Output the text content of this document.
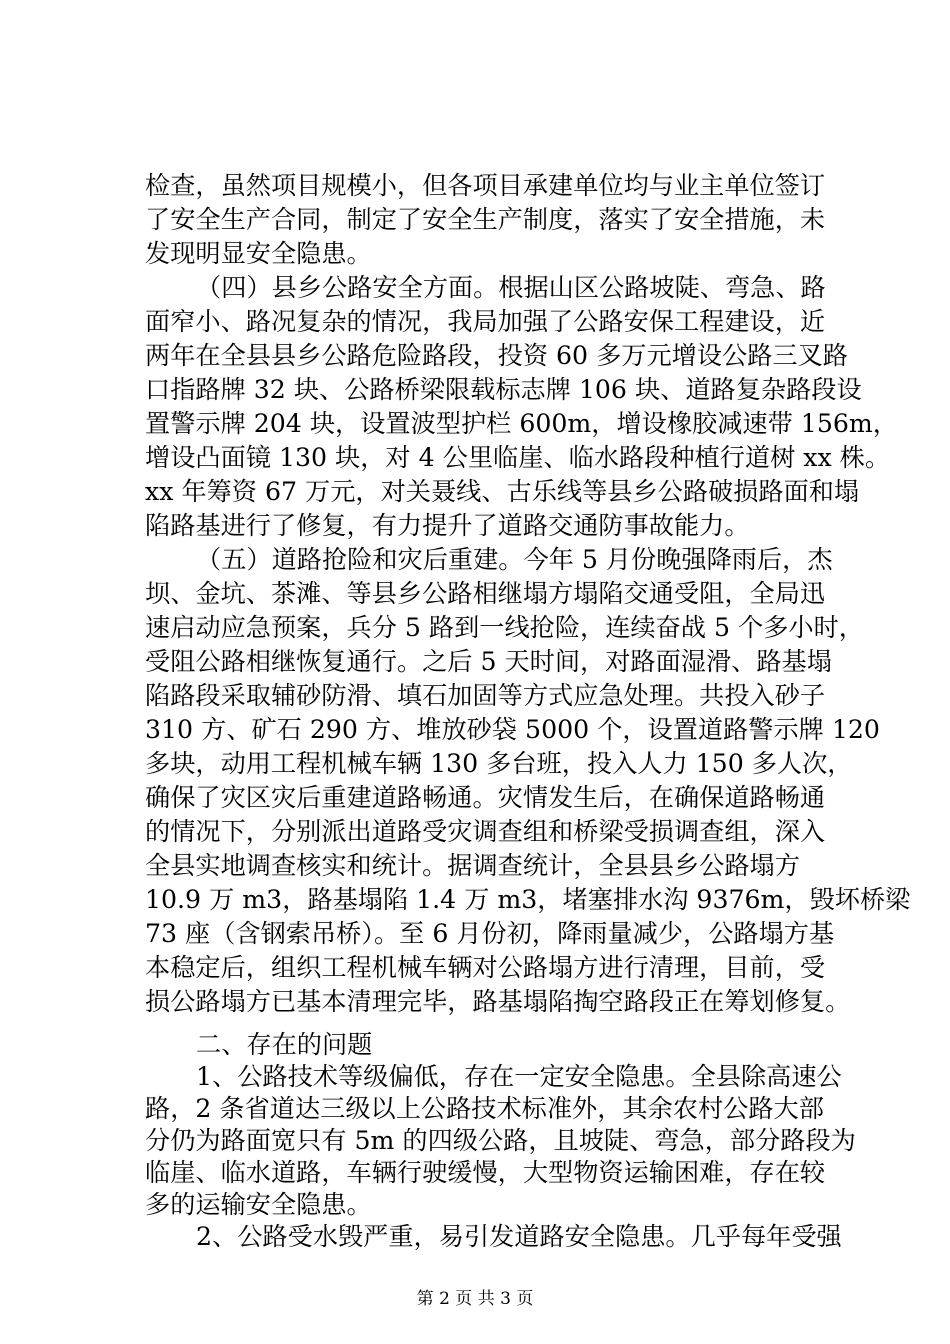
检查，虽然项目规模小，但各项目承建单位均与业主单位签订
了安全生产合同，制定了安全生产制度，落实了安全措施，未
发现明显安全隐患。
（四）县乡公路安全方面。根据山区公路坡陡、弯急、路
面窄小、路况复杂的情况，我局加强了公路安保工程建设，近
两年在全县县乡公路危险路段，投资 60 多万元增设公路三叉路
口指路牌 32 块、公路桥梁限载标志牌 106 块、道路复杂路段设
置警示牌 204 块，设置波型护栏 600m，增设橡胶减速带 156m，
增设凸面镜 130 块，对 4 公里临崖、临水路段种植行道树 xx 株。
xx 年筹资 67 万元，对关聂线、古乐线等县乡公路破损路面和塌
陷路基进行了修复，有力提升了道路交通防事故能力。
（五）道路抢险和灾后重建。今年 5 月份晚强降雨后，杰
坝、金坑、茶滩、等县乡公路相继塌方塌陷交通受阻，全局迅
速启动应急预案，兵分 5 路到一线抢险，连续奋战 5 个多小时，
受阻公路相继恢复通行。之后 5 天时间，对路面湿滑、路基塌
陷路段采取辅砂防滑、填石加固等方式应急处理。共投入砂子
310 方、矿石 290 方、堆放砂袋 5000 个，设置道路警示牌 120
多块，动用工程机械车辆 130 多台班，投入人力 150 多人次，
确保了灾区灾后重建道路畅通。灾情发生后，在确保道路畅通
的情况下，分别派出道路受灾调查组和桥梁受损调查组，深入
全县实地调查核实和统计。据调查统计，全县县乡公路塌方
10.9 万 m3，路基塌陷 1.4 万 m3，堵塞排水沟 9376m，毁坏桥梁
73 座（含钢索吊桥）。至 6 月份初，降雨量减少，公路塌方基
本稳定后，组织工程机械车辆对公路塌方进行清理，目前，受
损公路塌方已基本清理完毕，路基塌陷掏空路段正在筹划修复。
二、存在的问题
1、公路技术等级偏低，存在一定安全隐患。全县除高速公
路，2 条省道达三级以上公路技术标准外，其余农村公路大部
分仍为路面宽只有 5m 的四级公路，且坡陡、弯急，部分路段为
临崖、临水道路，车辆行驶缓慢，大型物资运输困难，存在较
多的运输安全隐患。
2、公路受水毁严重，易引发道路安全隐患。几乎每年受强
第 2 页 共 3 页
